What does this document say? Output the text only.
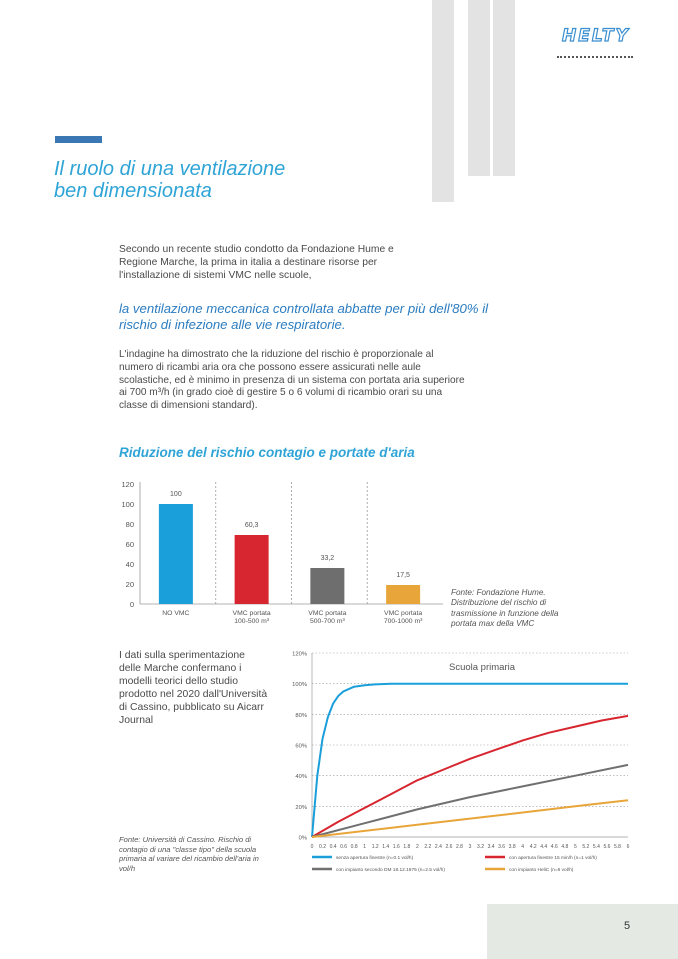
HELTY
Il ruolo di una ventilazione
ben dimensionata

Secondo un recente studio condotto da Fondazione Hume e Regione Marche, la prima in italia a destinare risorse per l'installazione di sistemi VMC nelle scuole,

la ventilazione meccanica controllata abbatte per più dell'80% il rischio di infezione alle vie respiratorie.

L'indagine ha dimostrato che la riduzione del rischio è proporzionale al numero di ricambi aria ora che possono essere assicurati nelle aule scolastiche, ed è minimo in presenza di un sistema con portata aria superiore ai 700 m³/h (in grado cioè di gestire 5 o 6 volumi di ricambio orari su una classe di dimensioni standard).

Riduzione del rischio contagio e portate d'aria
0
20
40
60
80
100
120
100
NO VMC
60,3
VMC portata
100-500 m³
33,2
VMC portata
500-700 m³
17,5
VMC portata
700-1000 m³

Fonte: Fondazione Hume. Distribuzione del rischio di trasmissione in funzione della portata max della VMC

I dati sulla sperimentazione delle Marche confermano i modelli teorici dello studio prodotto nel 2020 dall'Università di Cassino, pubblicato su Aicarr Journal

0%
20%
40%
60%
80%
100%
120%
0 0.2 0.4 0.6 0.8 1 1.2 1.4 1.6 1.8 2 2.2 2.4 2.6 2.8 3 3.2 3.4 3.6 3.8 4 4.2 4.4 4.6 4.8 5 5.2 5.4 5.6 5.8 6
Scuola primaria
senza apertura finestre (n=0.1 vol/h)	con apertura finestre 15 min/h (n=1 vol/h)
con impianto secondo DM 18.12.1975 (n=2.5 vol/h)	con impianto HeliC (n=6 vol/h)

Fonte: Università di Cassino. Rischio di contagio di una "classe tipo" della scuola primaria al variare del ricambio dell'aria in vol/h

5
